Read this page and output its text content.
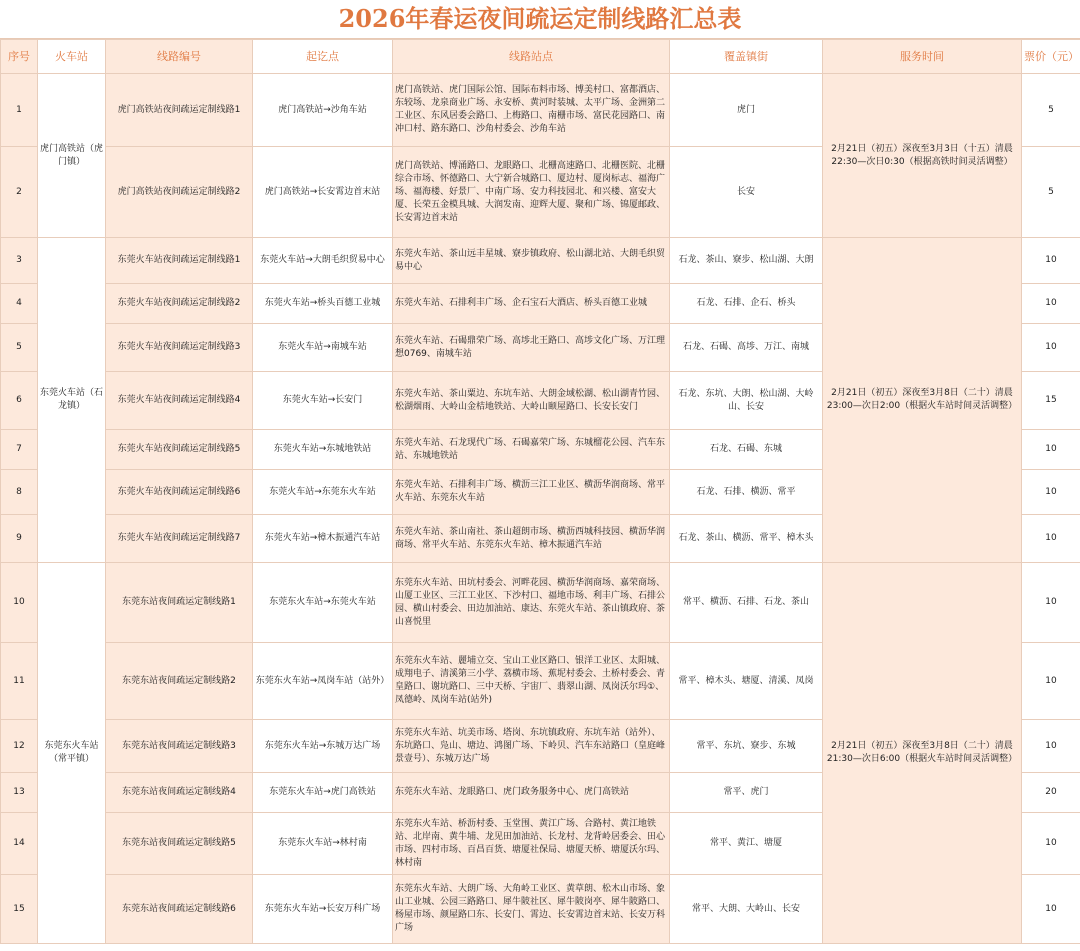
2026年春运夜间疏运定制线路汇总表
序号	火车站	线路编号	起讫点	线路站点	覆盖镇街	服务时间	票价（元）
1	虎门高铁站（虎门镇）	虎门高铁站夜间疏运定制线路1	虎门高铁站→沙角车站	虎门高铁站、虎门国际公馆、国际布料市场、博美村口、富都酒店、东较场、龙泉商业广场、永安桥、黄河时装城、太平广场、金洲第二工业区、东风居委会路口、上梅路口、南栅市场、富民花园路口、南冲口村、路东路口、沙角村委会、沙角车站	虎门	2月21日（初五）深夜至3月3日（十五）清晨22:30—次日0:30（根据高铁时间灵活调整）	5
2		虎门高铁站夜间疏运定制线路2	虎门高铁站→长安霄边首末站	虎门高铁站、博涌路口、龙眼路口、北栅高速路口、北栅医院、北栅综合市场、怀德路口、大宁新合城路口、厦边村、厦岗标志、福海广场、福海楼、好景厂、中南广场、安力科技园北、和兴楼、富安大厦、长荣五金模具城、大润发南、迎辉大厦、聚和广场、锦厦邮政、长安霄边首末站	长安		5
3	东莞火车站（石龙镇）	东莞火车站夜间疏运定制线路1	东莞火车站→大朗毛织贸易中心	东莞火车站、茶山远丰星城、寮步镇政府、松山湖北站、大朗毛织贸易中心	石龙、茶山、寮步、松山湖、大朗	2月21日（初五）深夜至3月8日（二十）清晨23:00—次日2:00（根据火车站时间灵活调整）	10
4		东莞火车站夜间疏运定制线路2	东莞火车站→桥头百德工业城	东莞火车站、石排利丰广场、企石宝石大酒店、桥头百德工业城	石龙、石排、企石、桥头		10
5		东莞火车站夜间疏运定制线路3	东莞火车站→南城车站	东莞火车站、石碣鼎荣广场、高埗北王路口、高埗文化广场、万江理想0769、南城车站	石龙、石碣、高埗、万江、南城		10
6		东莞火车站夜间疏运定制线路4	东莞火车站→长安门	东莞火车站、茶山粟边、东坑车站、大朗金域松湖、松山湖青竹园、松湖烟雨、大岭山金桔地铁站、大岭山颐屋路口、长安长安门	石龙、东坑、大朗、松山湖、大岭山、长安		15
7		东莞火车站夜间疏运定制线路5	东莞火车站→东城地铁站	东莞火车站、石龙现代广场、石碣嘉荣广场、东城榴花公园、汽车东站、东城地铁站	石龙、石碣、东城		10
8		东莞火车站夜间疏运定制线路6	东莞火车站→东莞东火车站	东莞火车站、石排利丰广场、横沥三江工业区、横沥华润商场、常平火车站、东莞东火车站	石龙、石排、横沥、常平		10
9		东莞火车站夜间疏运定制线路7	东莞火车站→樟木振通汽车站	东莞火车站、茶山南社、茶山超朗市场、横沥西城科技园、横沥华润商场、常平火车站、东莞东火车站、樟木振通汽车站	石龙、茶山、横沥、常平、樟木头		10
10	东莞东火车站（常平镇）	东莞东站夜间疏运定制线路1	东莞东火车站→东莞火车站	东莞东火车站、田坑村委会、河畔花园、横沥华润商场、嘉荣商场、山厦工业区、三江工业区、下沙村口、福地市场、利丰广场、石排公园、横山村委会、田边加油站、康达、东莞火车站、茶山镇政府、茶山喜悦里	常平、横沥、石排、石龙、茶山	2月21日（初五）深夜至3月8日（二十）清晨21:30—次日6:00（根据火车站时间灵活调整）	10
11		东莞东站夜间疏运定制线路2	东莞东火车站→凤岗车站（站外）	东莞东火车站、麗埔立交、宝山工业区路口、银洋工业区、太阳城、成翔电子、清溪第三小学、荔横市场、蕉坭村委会、土桥村委会、青皇路口、谢坑路口、三中天桥、宇宙厂、翡翠山湖、凤岗沃尔玛①、凤德岭、凤岗车站(站外)	常平、樟木头、塘厦、清溪、凤岗		10
12		东莞东站夜间疏运定制线路3	东莞东火车站→东城万达广场	东莞东火车站、坑美市场、塔岗、东坑镇政府、东坑车站（站外）、东坑路口、凫山、塘边、鸿图广场、下岭贝、汽车东站路口（皇庭峰景壹号）、东城万达广场	常平、东坑、寮步、东城		10
13		东莞东站夜间疏运定制线路4	东莞东火车站→虎门高铁站	东莞东火车站、龙眼路口、虎门政务服务中心、虎门高铁站	常平、虎门		20
14		东莞东站夜间疏运定制线路5	东莞东火车站→林村南	东莞东火车站、桥沥村委、玉堂围、黄江广场、合路村、黄江地铁站、北岸南、黄牛埔、龙见田加油站、长龙村、龙背岭居委会、田心市场、四村市场、百昌百货、塘厦社保局、塘厦天桥、塘厦沃尔玛、林村南	常平、黄江、塘厦		10
15		东莞东站夜间疏运定制线路6	东莞东火车站→长安万科广场	东莞东火车站、大朗广场、大角岭工业区、黄草朗、松木山市场、象山工业城、公园三路路口、犀牛陂社区、犀牛陂岗亭、犀牛陂路口、杨屋市场、颜屋路口东、长安门、霄边、长安霄边首末站、长安万科广场	常平、大朗、大岭山、长安		10
